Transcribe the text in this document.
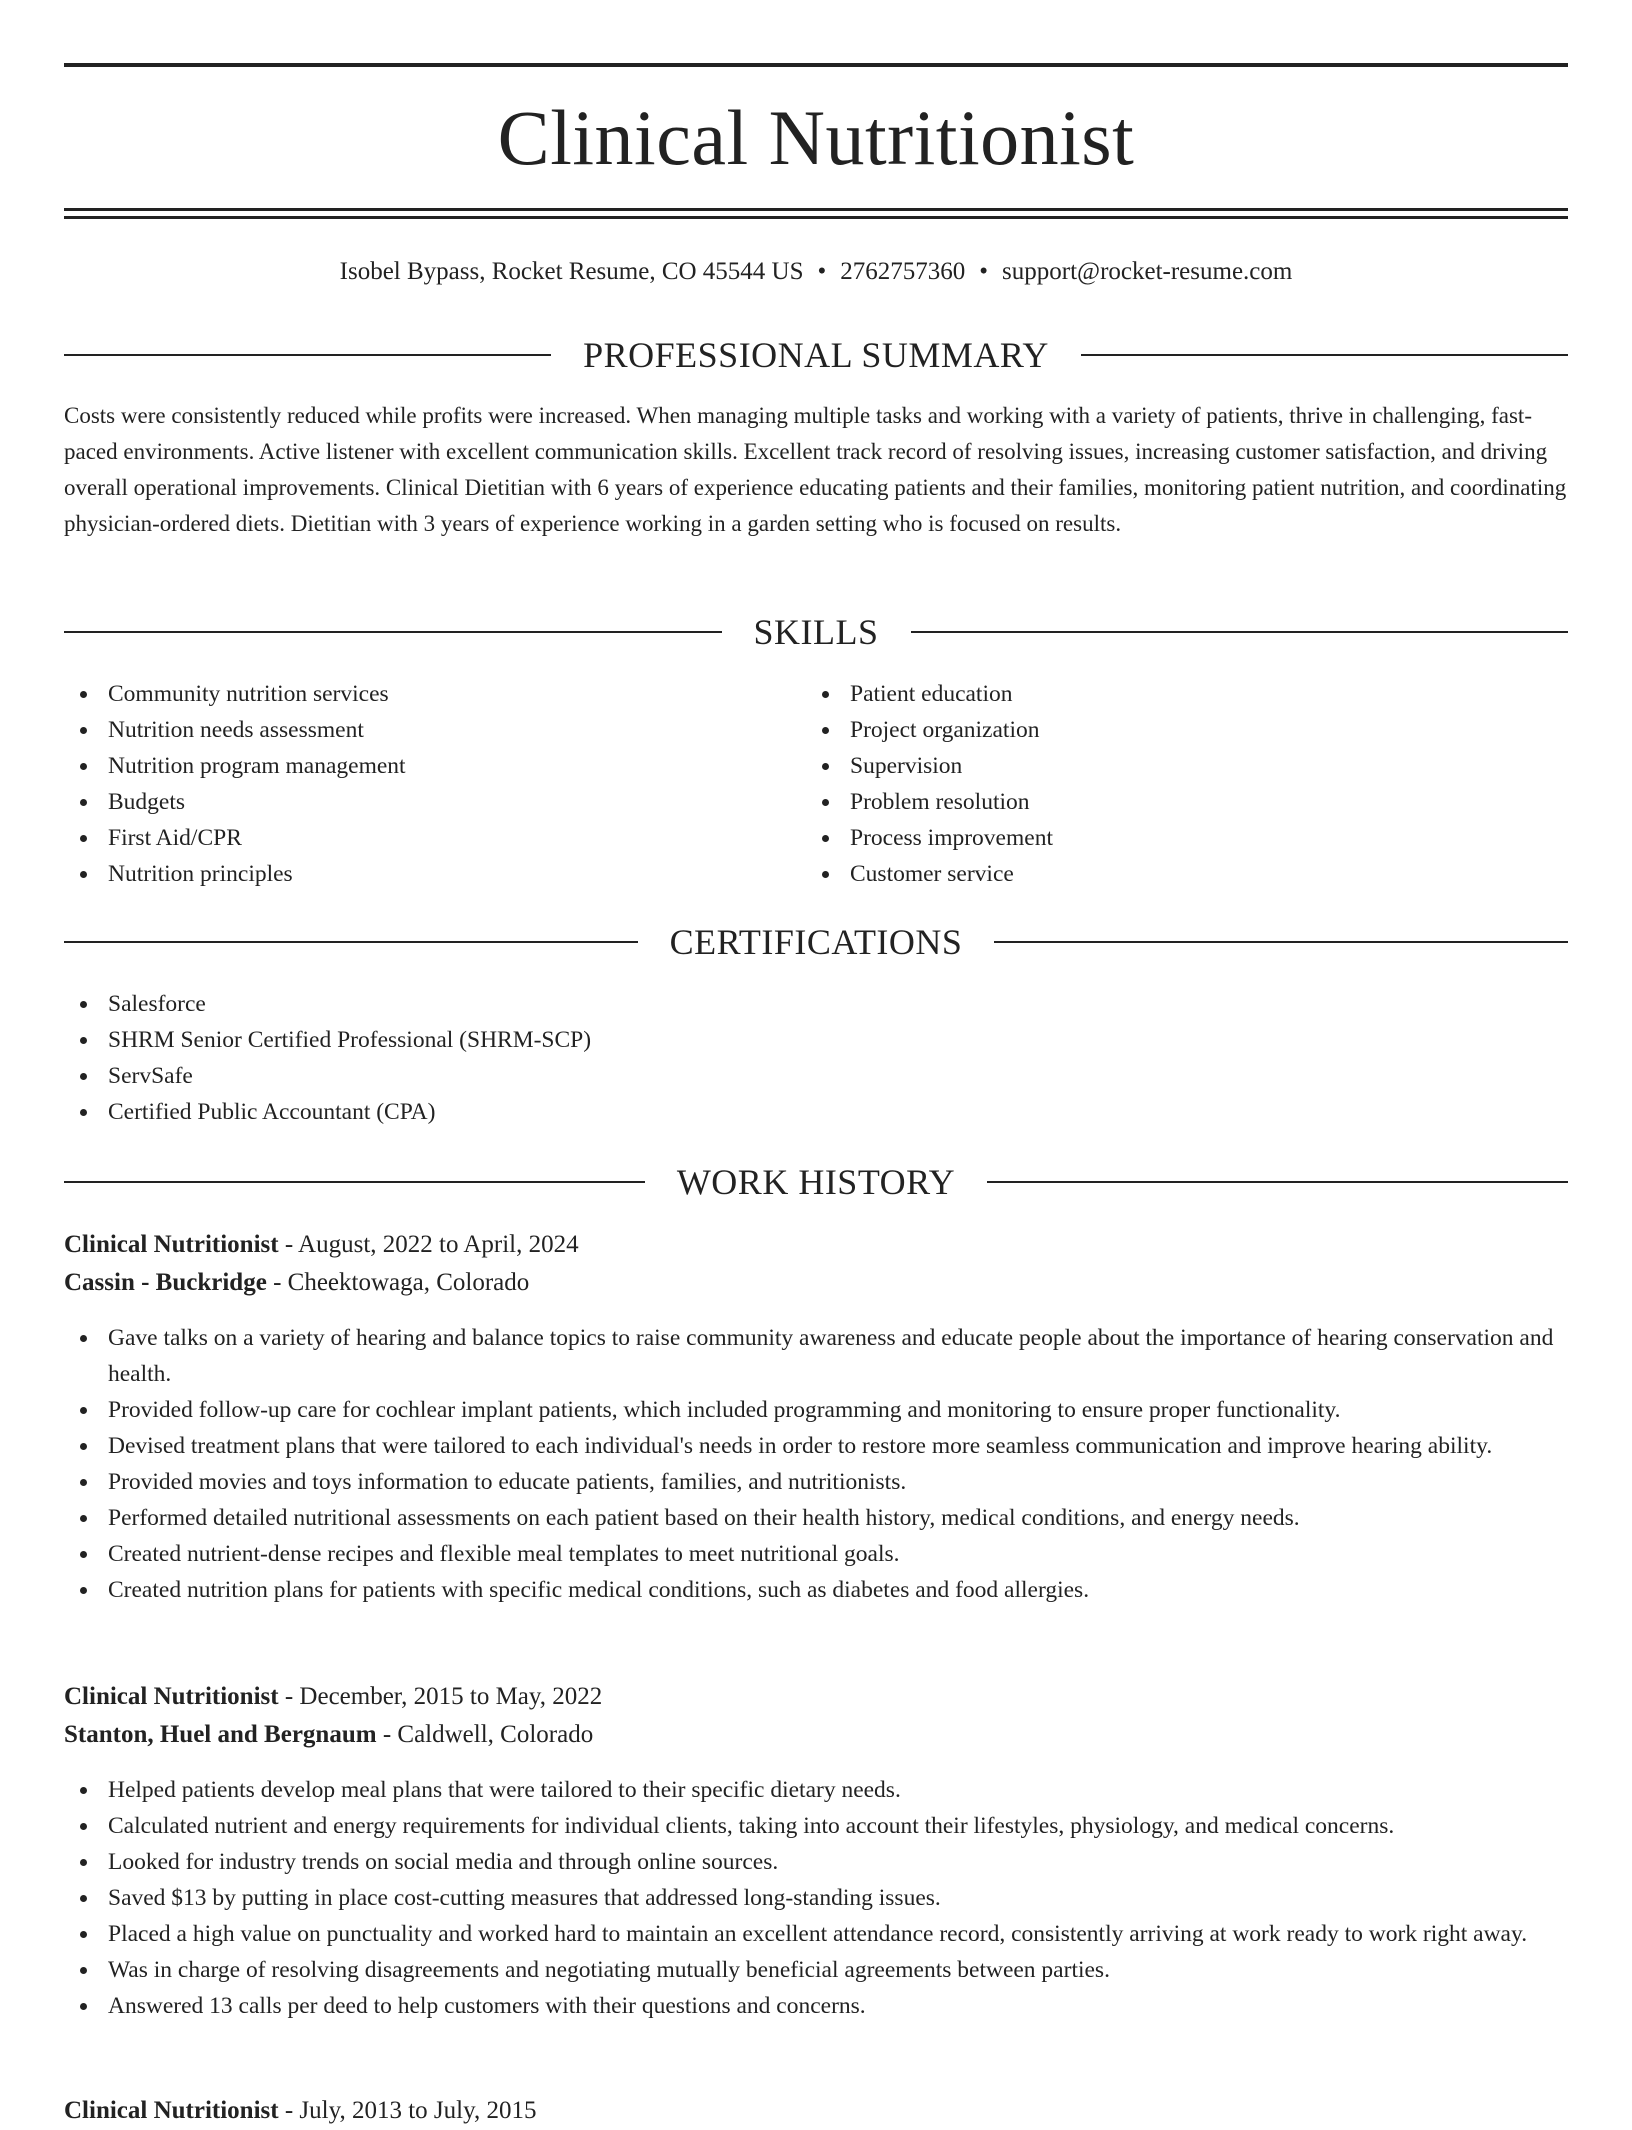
Clinical Nutritionist
Isobel Bypass, Rocket Resume, CO 45544 US • 2762757360 • support@rocket-resume.com
PROFESSIONAL SUMMARY

Costs were consistently reduced while profits were increased. When managing multiple tasks and working with a variety of patients, thrive in challenging, fast-paced environments. Active listener with excellent communication skills. Excellent track record of resolving issues, increasing customer satisfaction, and driving overall operational improvements. Clinical Dietitian with 6 years of experience educating patients and their families, monitoring patient nutrition, and coordinating physician-ordered diets. Dietitian with 3 years of experience working in a garden setting who is focused on results.

SKILLS
Community nutrition services
Nutrition needs assessment
Nutrition program management
Budgets
First Aid/CPR
Nutrition principles
Patient education
Project organization
Supervision
Problem resolution
Process improvement
Customer service
CERTIFICATIONS
Salesforce
SHRM Senior Certified Professional (SHRM-SCP)
ServSafe
Certified Public Accountant (CPA)
WORK HISTORY
Clinical Nutritionist - August, 2022 to April, 2024
Cassin - Buckridge - Cheektowaga, Colorado
Gave talks on a variety of hearing and balance topics to raise community awareness and educate people about the importance of hearing conservation and health.
Provided follow-up care for cochlear implant patients, which included programming and monitoring to ensure proper functionality.
Devised treatment plans that were tailored to each individual's needs in order to restore more seamless communication and improve hearing ability.
Provided movies and toys information to educate patients, families, and nutritionists.
Performed detailed nutritional assessments on each patient based on their health history, medical conditions, and energy needs.
Created nutrient-dense recipes and flexible meal templates to meet nutritional goals.
Created nutrition plans for patients with specific medical conditions, such as diabetes and food allergies.
Clinical Nutritionist - December, 2015 to May, 2022
Stanton, Huel and Bergnaum - Caldwell, Colorado
Helped patients develop meal plans that were tailored to their specific dietary needs.
Calculated nutrient and energy requirements for individual clients, taking into account their lifestyles, physiology, and medical concerns.
Looked for industry trends on social media and through online sources.
Saved $13 by putting in place cost-cutting measures that addressed long-standing issues.
Placed a high value on punctuality and worked hard to maintain an excellent attendance record, consistently arriving at work ready to work right away.
Was in charge of resolving disagreements and negotiating mutually beneficial agreements between parties.
Answered 13 calls per deed to help customers with their questions and concerns.
Clinical Nutritionist - July, 2013 to July, 2015
